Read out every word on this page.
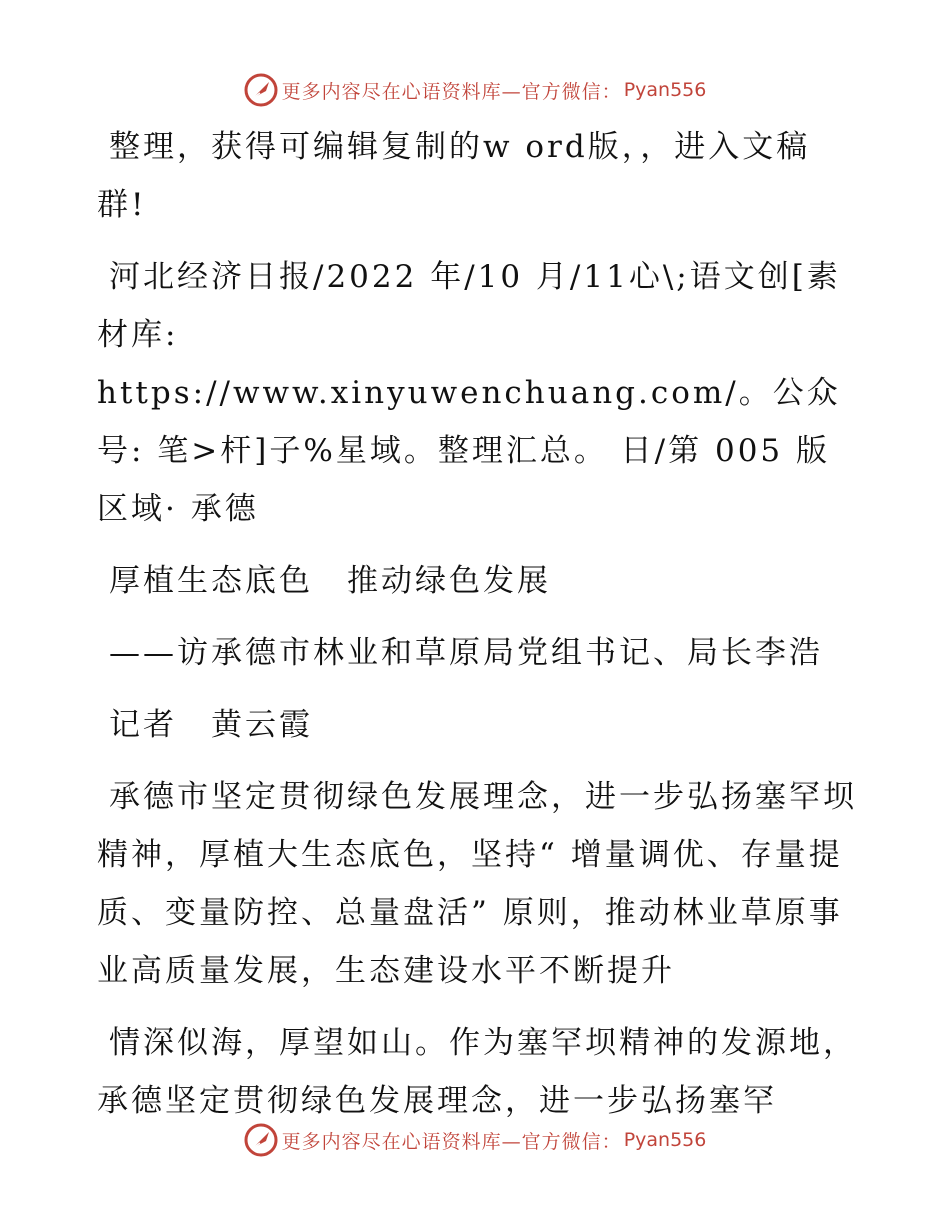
更多内容尽在心语资料库 —官方微信： Pyan556

整理，获得可编辑复制的w ord版，，进入文稿群!

河北经济日报/2022 年/10 月/11心\;语文创[素材库: https://www.xinyuwenchuang.com/。公众号: 笔>杆]子%星域。整理汇总。 日/第 005 版区域· 承德

厚植生态底色　推动绿色发展

——访承德市林业和草原局党组书记、局长李浩

记者　黄云霞

承德市坚定贯彻绿色发展理念，进一步弘扬塞罕坝精神，厚植大生态底色，坚持“ 增量调优、存量提质、变量防控、总量盘活” 原则，推动林业草原事业高质量发展，生态建设水平不断提升

情深似海，厚望如山。作为塞罕坝精神的发源地，承德坚定贯彻绿色发展理念，进一步弘扬塞罕

更多内容尽在心语资料库 —官方微信： Pyan556
